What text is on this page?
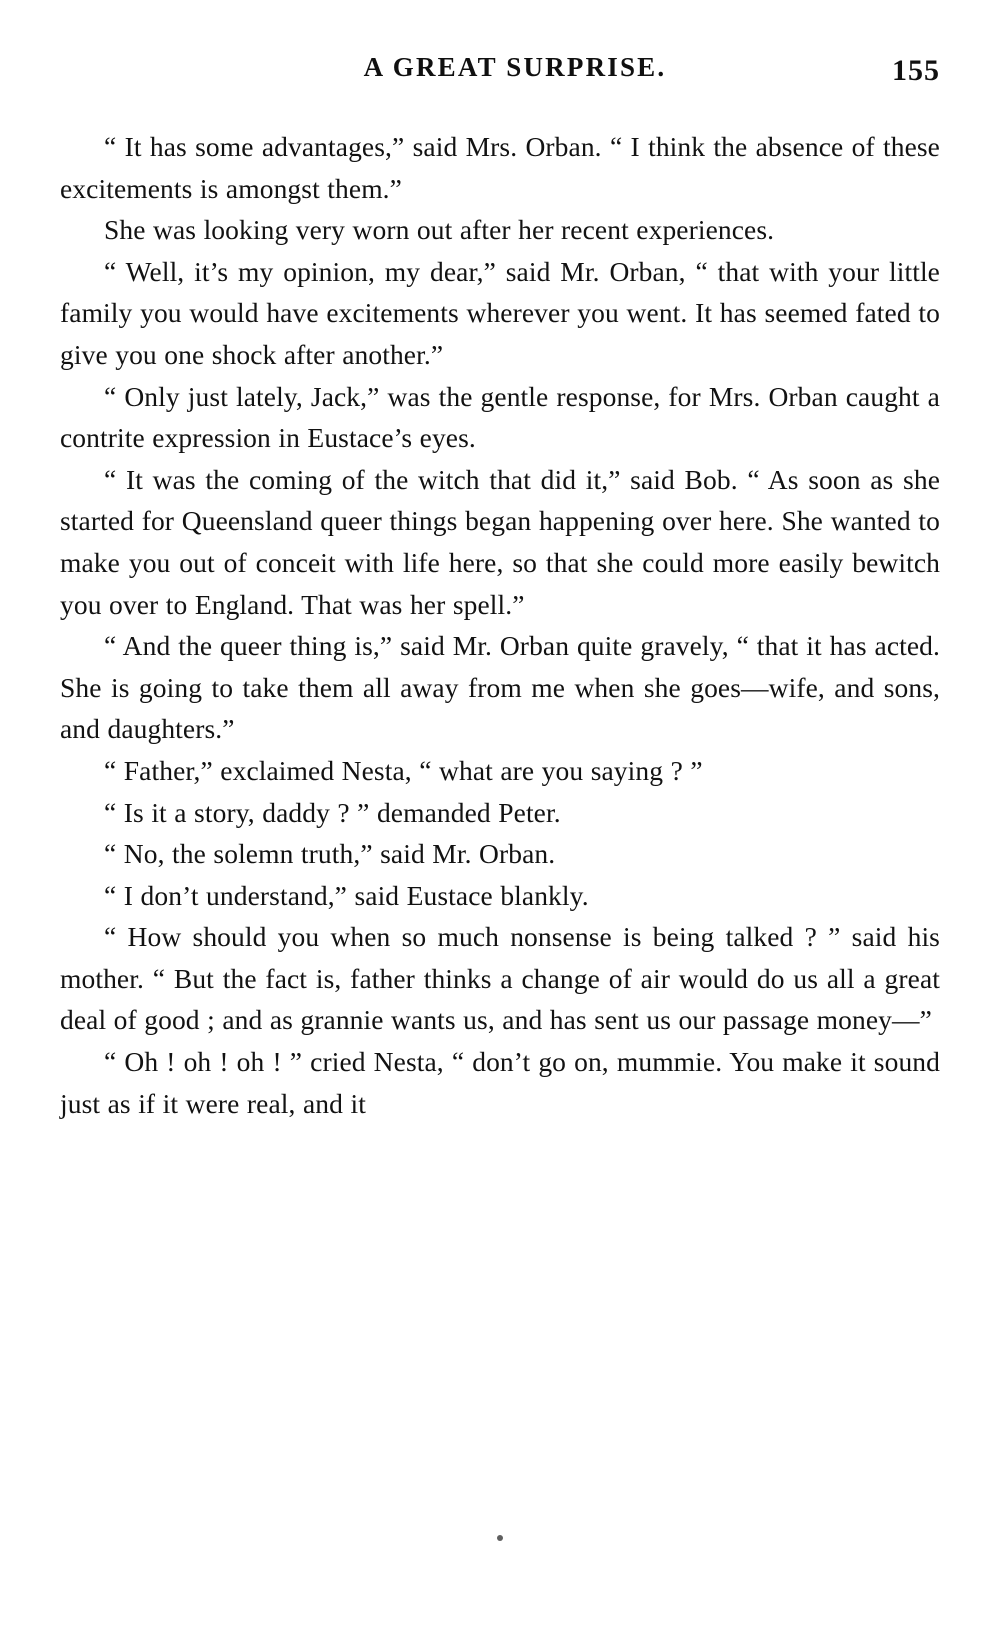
A GREAT SURPRISE.	155

“ It has some advantages,” said Mrs. Orban. “ I think the absence of these excitements is amongst them.”

She was looking very worn out after her recent experiences.

“ Well, it’s my opinion, my dear,” said Mr. Orban, “ that with your little family you would have excitements wherever you went. It has seemed fated to give you one shock after another.”

“ Only just lately, Jack,” was the gentle response, for Mrs. Orban caught a contrite expression in Eustace’s eyes.

“ It was the coming of the witch that did it,” said Bob. “ As soon as she started for Queensland queer things began happening over here. She wanted to make you out of conceit with life here, so that she could more easily bewitch you over to England. That was her spell.”

“ And the queer thing is,” said Mr. Orban quite gravely, “ that it has acted. She is going to take them all away from me when she goes—wife, and sons, and daughters.”

“ Father,” exclaimed Nesta, “ what are you saying ? ”

“ Is it a story, daddy ? ” demanded Peter.

“ No, the solemn truth,” said Mr. Orban.

“ I don’t understand,” said Eustace blankly.

“ How should you when so much nonsense is being talked ? ” said his mother. “ But the fact is, father thinks a change of air would do us all a great deal of good ; and as grannie wants us, and has sent us our passage money—”

“ Oh ! oh ! oh ! ” cried Nesta, “ don’t go on, mummie. You make it sound just as if it were real, and it
